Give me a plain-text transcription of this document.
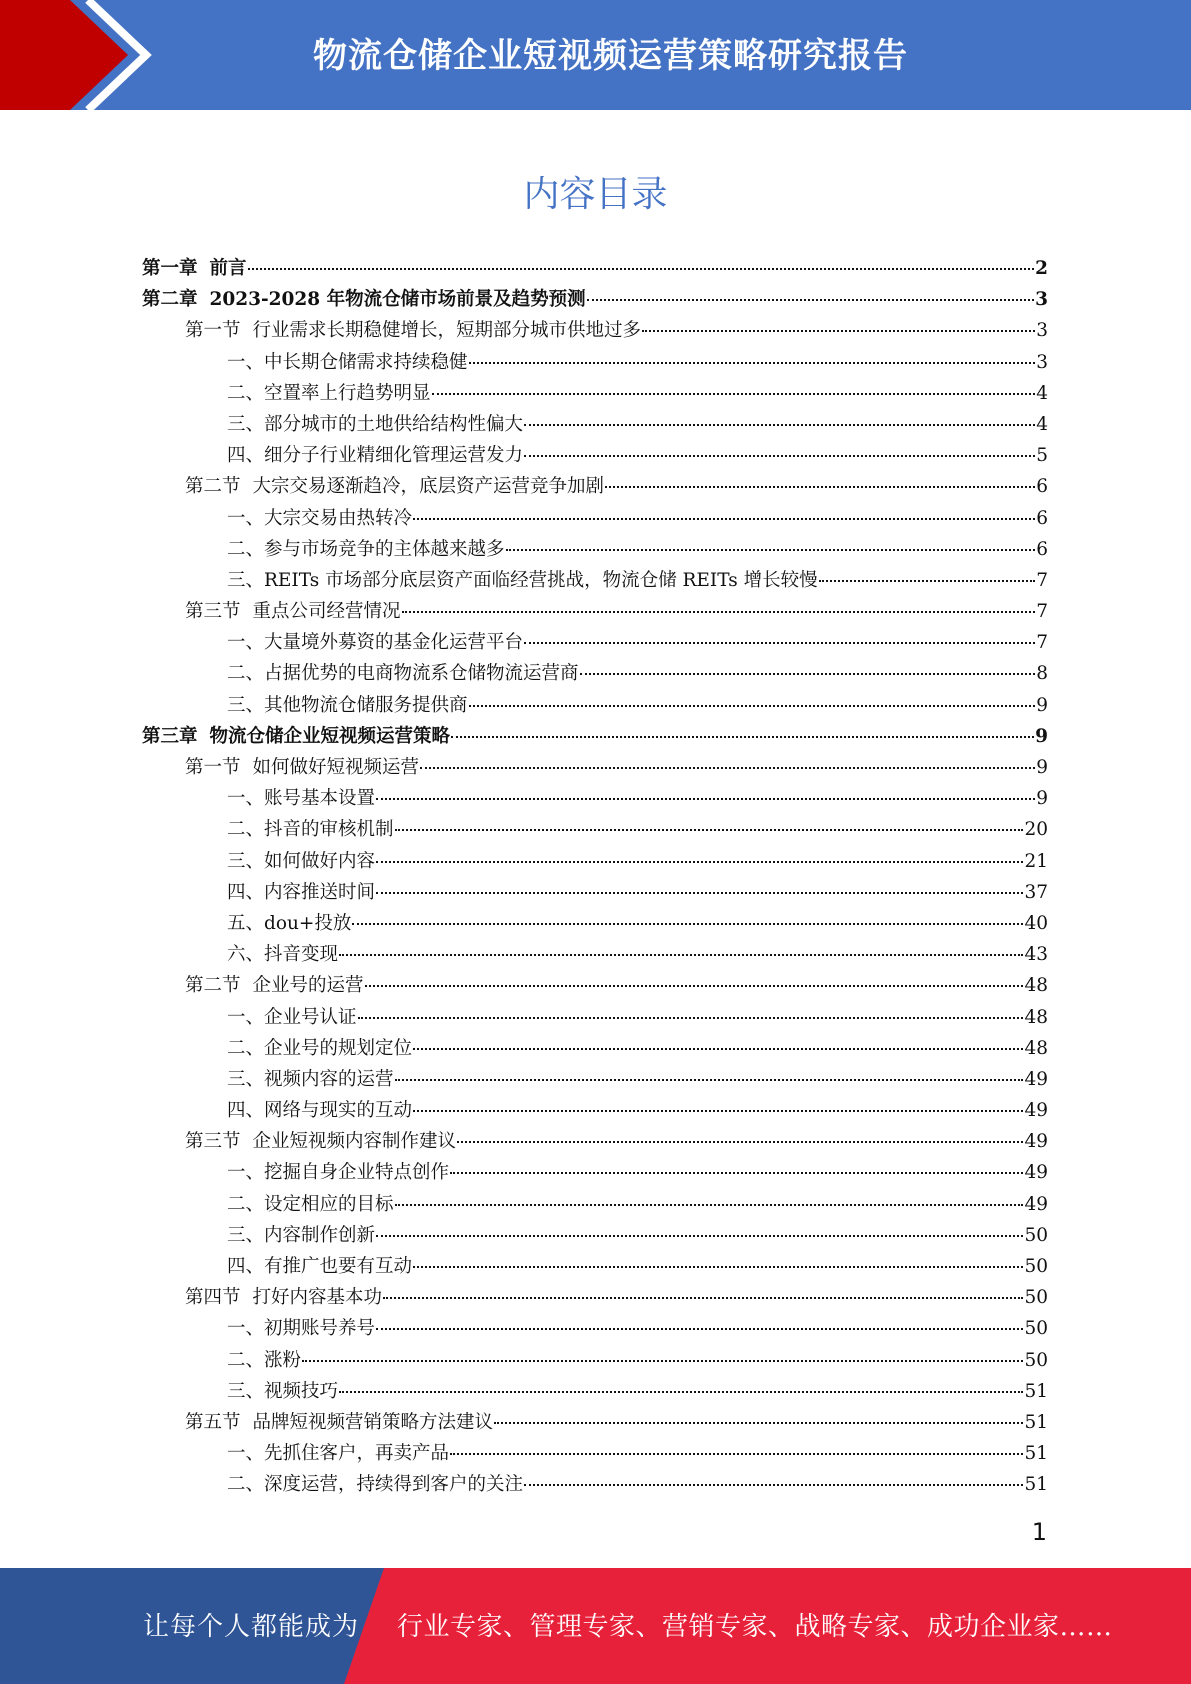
物流仓储企业短视频运营策略研究报告
内容目录
第一章 前言	2
第二章 2023-2028 年物流仓储市场前景及趋势预测	3
第一节 行业需求长期稳健增长，短期部分城市供地过多	3
一、中长期仓储需求持续稳健	3
二、空置率上行趋势明显	4
三、部分城市的土地供给结构性偏大	4
四、细分子行业精细化管理运营发力	5
第二节 大宗交易逐渐趋冷，底层资产运营竞争加剧	6
一、大宗交易由热转冷	6
二、参与市场竞争的主体越来越多	6
三、REITs 市场部分底层资产面临经营挑战，物流仓储 REITs 增长较慢	7
第三节 重点公司经营情况	7
一、大量境外募资的基金化运营平台	7
二、占据优势的电商物流系仓储物流运营商	8
三、其他物流仓储服务提供商	9
第三章 物流仓储企业短视频运营策略	9
第一节 如何做好短视频运营	9
一、账号基本设置	9
二、抖音的审核机制	20
三、如何做好内容	21
四、内容推送时间	37
五、dou+投放	40
六、抖音变现	43
第二节 企业号的运营	48
一、企业号认证	48
二、企业号的规划定位	48
三、视频内容的运营	49
四、网络与现实的互动	49
第三节 企业短视频内容制作建议	49
一、挖掘自身企业特点创作	49
二、设定相应的目标	49
三、内容制作创新	50
四、有推广也要有互动	50
第四节 打好内容基本功	50
一、初期账号养号	50
二、涨粉	50
三、视频技巧	51
第五节 品牌短视频营销策略方法建议	51
一、先抓住客户，再卖产品	51
二、深度运营，持续得到客户的关注	51
1
让每个人都能成为 行业专家、管理专家、营销专家、战略专家、成功企业家……
